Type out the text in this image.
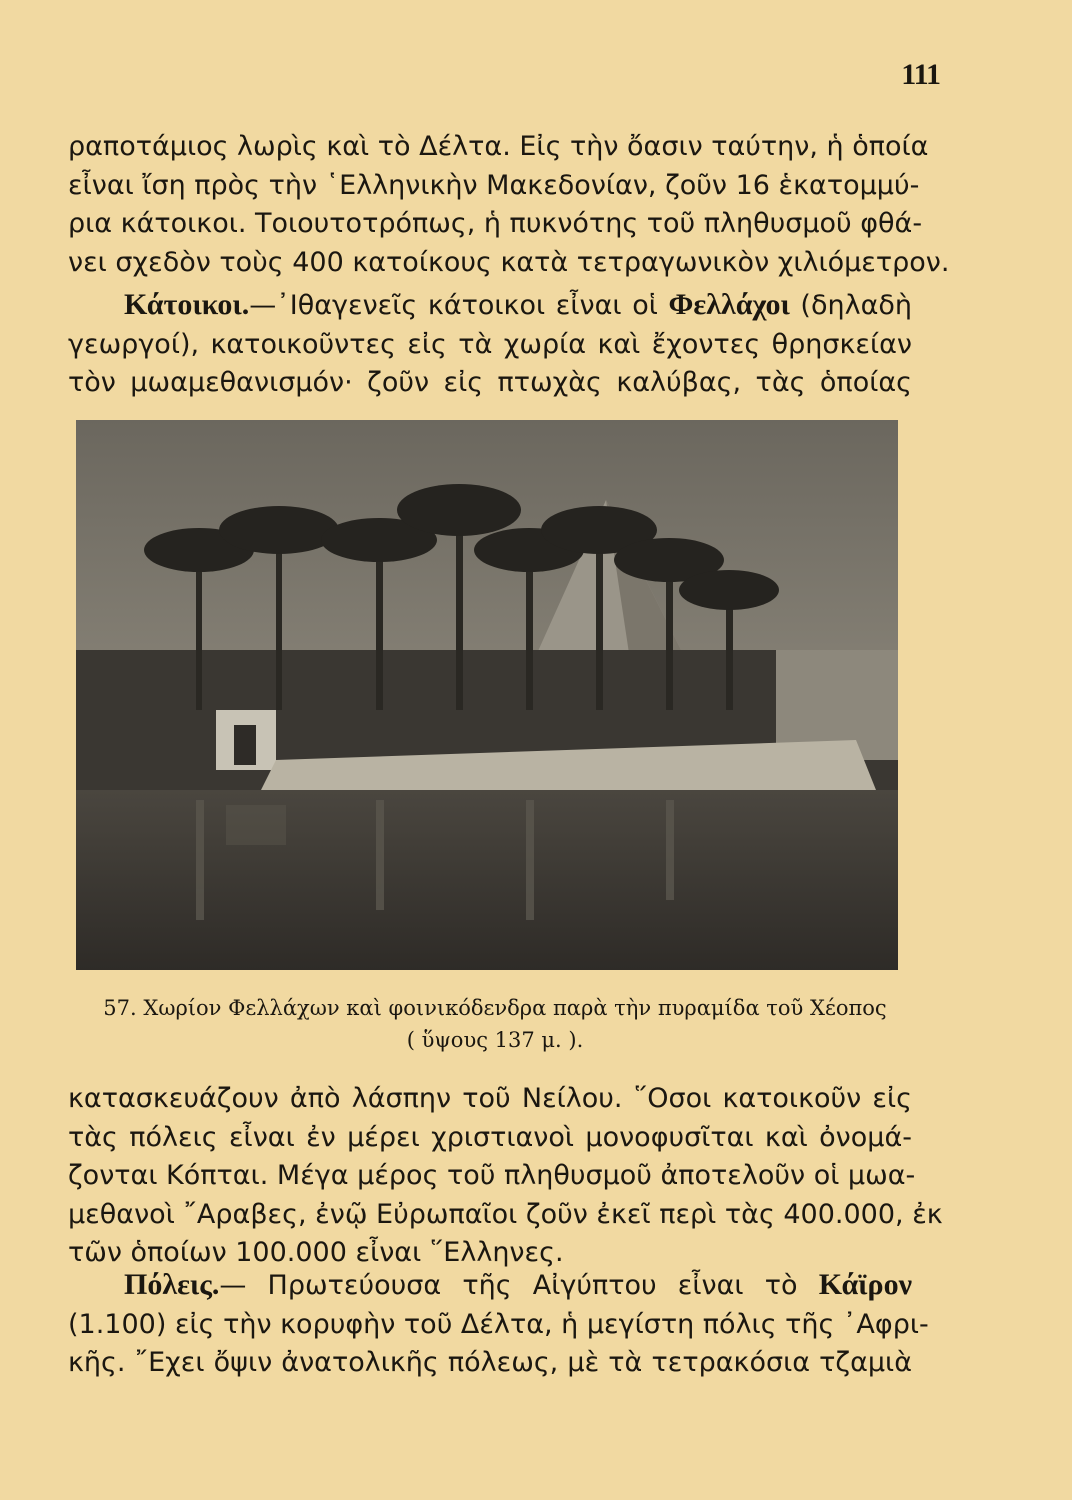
111
ραποτάμιος λωρὶς καὶ τὸ Δέλτα. Εἰς τὴν ὄασιν ταύτην, ἡ ὁποία
εἶναι ἴση πρὸς τὴν ῾Ελληνικὴν Μακεδονίαν, ζοῦν 16 ἑκατομμύ-
ρια κάτοικοι. Τοιουτοτρόπως, ἡ πυκνότης τοῦ πληθυσμοῦ φθά-
νει σχεδὸν τοὺς 400 κατοίκους κατὰ τετραγωνικὸν χιλιόμετρον.
Κάτοικοι.—᾿Ιθαγενεῖς κάτοικοι εἶναι οἱ Φελλάχοι (δηλαδὴ
γεωργοί), κατοικοῦντες εἰς τὰ χωρία καὶ ἔχοντες θρησκείαν
τὸν μωαμεθανισμόν· ζοῦν εἰς πτωχὰς καλύβας, τὰς ὁποίας
57. Χωρίον Φελλάχων καὶ φοινικόδενδρα παρὰ τὴν πυραμίδα τοῦ Χέοπος
( ὕψους 137 μ. ).
κατασκευάζουν ἀπὸ λάσπην τοῦ Νείλου. ῞Οσοι κατοικοῦν εἰς
τὰς πόλεις εἶναι ἐν μέρει χριστιανοὶ μονοφυσῖται καὶ ὀνομά-
ζονται Κόπται. Μέγα μέρος τοῦ πληθυσμοῦ ἀποτελοῦν οἱ μωα-
μεθανοὶ ῎Αραβες, ἐνῷ Εὐρωπαῖοι ζοῦν ἐκεῖ περὶ τὰς 400.000, ἐκ
τῶν ὁποίων 100.000 εἶναι ῞Ελληνες.
Πόλεις.— Πρωτεύουσα τῆς Αἰγύπτου εἶναι τὸ Κάϊρον
(1.100) εἰς τὴν κορυφὴν τοῦ Δέλτα, ἡ μεγίστη πόλις τῆς ᾿Αφρι-
κῆς. ῎Εχει ὄψιν ἀνατολικῆς πόλεως, μὲ τὰ τετρακόσια τζαμιὰ
